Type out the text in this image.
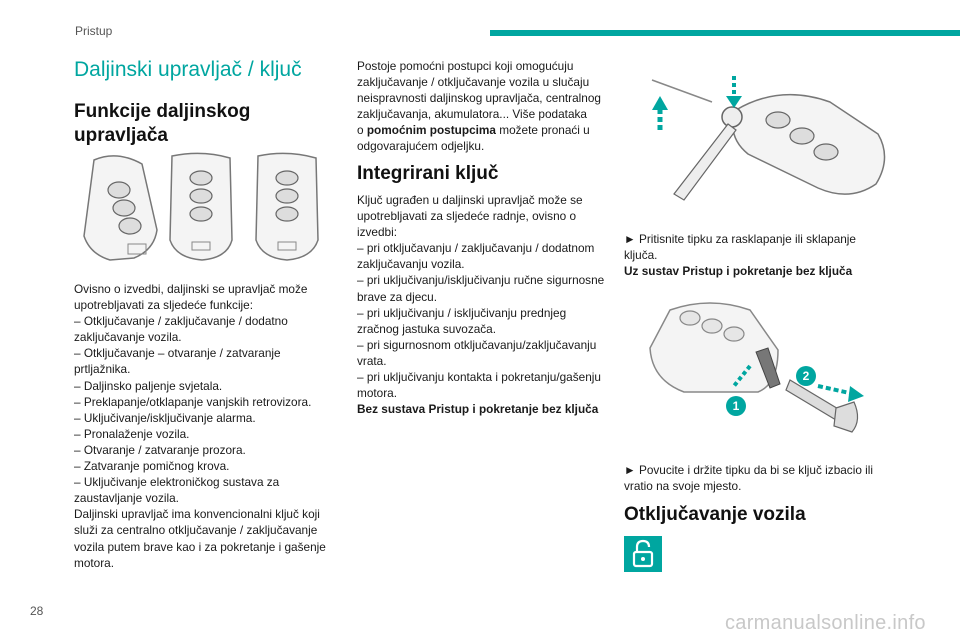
Pristup
Daljinski upravljač / ključ
Funkcije daljinskog
upravljača
Ovisno o izvedbi, daljinski se upravljač može
upotrebljavati za sljedeće funkcije:
– Otključavanje / zaključavanje / dodatno
zaključavanje vozila.
– Otključavanje – otvaranje / zatvaranje
prtljažnika.
– Daljinsko paljenje svjetala.
– Preklapanje/otklapanje vanjskih retrovizora.
– Uključivanje/isključivanje alarma.
– Pronalaženje vozila.
– Otvaranje / zatvaranje prozora.
– Zatvaranje pomičnog krova.
– Uključivanje elektroničkog sustava za
zaustavljanje vozila.
Daljinski upravljač ima konvencionalni ključ koji
služi za centralno otključavanje / zaključavanje
vozila putem brave kao i za pokretanje i gašenje
motora.
Postoje pomoćni postupci koji omogućuju
zaključavanje / otključavanje vozila u slučaju
neispravnosti daljinskog upravljača, centralnog
zaključavanja, akumulatora... Više podataka
o pomoćnim postupcima možete pronaći u
odgovarajućem odjeljku.
Integrirani ključ
Ključ ugrađen u daljinski upravljač može se
upotrebljavati za sljedeće radnje, ovisno o
izvedbi:
– pri otključavanju / zaključavanju / dodatnom
zaključavanju vozila.
– pri uključivanju/isključivanju ručne sigurnosne
brave za djecu.
– pri uključivanju / isključivanju prednjeg
zračnog jastuka suvozača.
– pri sigurnosnom otključavanju/zaključavanju
vrata.
– pri uključivanju kontakta i pokretanju/gašenju
motora.
Bez sustava Pristup i pokretanje bez ključa
► Pritisnite tipku za rasklapanje ili sklapanje
ključa.
Uz sustav Pristup i pokretanje bez ključa
1
2
► Povucite i držite tipku da bi se ključ izbacio ili
vratio na svoje mjesto.
Otključavanje vozila
28
carmanualsonline.info
